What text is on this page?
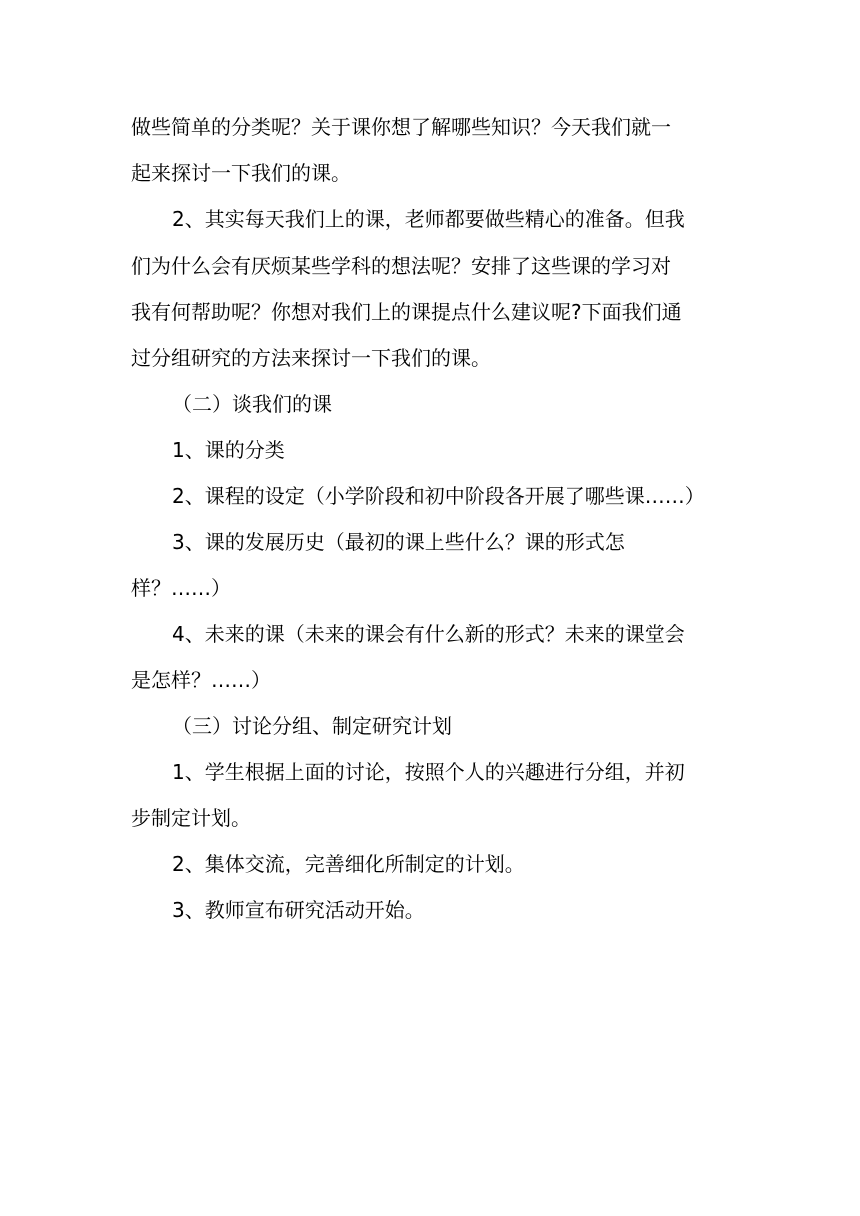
做些简单的分类呢？关于课你想了解哪些知识？今天我们就一
起来探讨一下我们的课。
2、其实每天我们上的课，老师都要做些精心的准备。但我
们为什么会有厌烦某些学科的想法呢？安排了这些课的学习对
我有何帮助呢？你想对我们上的课提点什么建议呢?下面我们通
过分组研究的方法来探讨一下我们的课。
（二）谈我们的课
1、课的分类
2、课程的设定（小学阶段和初中阶段各开展了哪些课……）
3、课的发展历史（最初的课上些什么？课的形式怎
样？……）
4、未来的课（未来的课会有什么新的形式？未来的课堂会
是怎样？……）
（三）讨论分组、制定研究计划
1、学生根据上面的讨论，按照个人的兴趣进行分组，并初
步制定计划。
2、集体交流，完善细化所制定的计划。
3、教师宣布研究活动开始。
